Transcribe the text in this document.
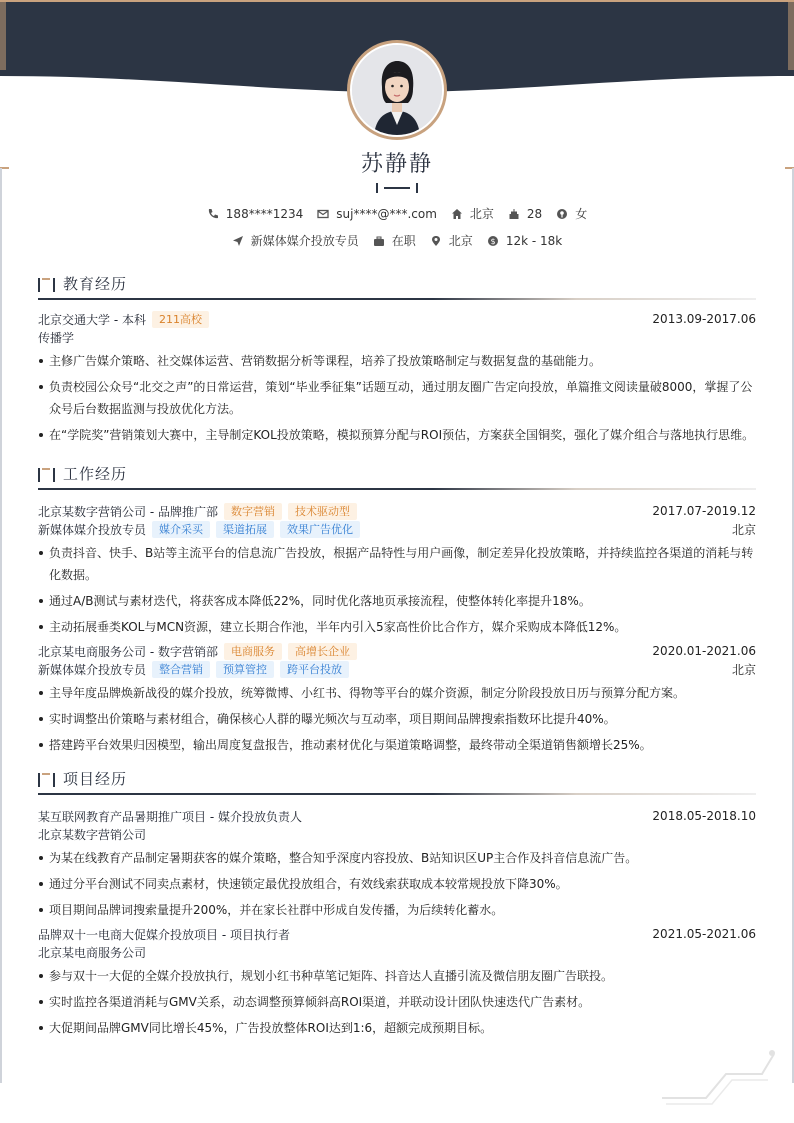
苏静静
188****1234	suj****@***.com	北京	28	女
新媒体媒介投放专员	在职	北京 $ 12k - 18k
教育经历
北京交通大学 - 本科	211高校	2013.09-2017.06
传播学
主修广告媒介策略、社交媒体运营、营销数据分析等课程，培养了投放策略制定与数据复盘的基础能力。
负责校园公众号“北交之声”的日常运营，策划“毕业季征集”话题互动，通过朋友圈广告定向投放，单篇推文阅读量破8000，掌握了公众号后台数据监测与投放优化方法。
在“学院奖”营销策划大赛中，主导制定KOL投放策略，模拟预算分配与ROI预估，方案获全国铜奖，强化了媒介组合与落地执行思维。
工作经历
北京某数字营销公司 - 品牌推广部	数字营销	技术驱动型	2017.07-2019.12
新媒体媒介投放专员	媒介采买	渠道拓展	效果广告优化	北京
负责抖音、快手、B站等主流平台的信息流广告投放，根据产品特性与用户画像，制定差异化投放策略，并持续监控各渠道的消耗与转化数据。
通过A/B测试与素材迭代，将获客成本降低22%，同时优化落地页承接流程，使整体转化率提升18%。
主动拓展垂类KOL与MCN资源，建立长期合作池，半年内引入5家高性价比合作方，媒介采购成本降低12%。
北京某电商服务公司 - 数字营销部	电商服务	高增长企业	2020.01-2021.06
新媒体媒介投放专员	整合营销	预算管控	跨平台投放	北京
主导年度品牌焕新战役的媒介投放，统筹微博、小红书、得物等平台的媒介资源，制定分阶段投放日历与预算分配方案。
实时调整出价策略与素材组合，确保核心人群的曝光频次与互动率，项目期间品牌搜索指数环比提升40%。
搭建跨平台效果归因模型，输出周度复盘报告，推动素材优化与渠道策略调整，最终带动全渠道销售额增长25%。
项目经历
某互联网教育产品暑期推广项目 - 媒介投放负责人	2018.05-2018.10
北京某数字营销公司
为某在线教育产品制定暑期获客的媒介策略，整合知乎深度内容投放、B站知识区UP主合作及抖音信息流广告。
通过分平台测试不同卖点素材，快速锁定最优投放组合，有效线索获取成本较常规投放下降30%。
项目期间品牌词搜索量提升200%，并在家长社群中形成自发传播，为后续转化蓄水。
品牌双十一电商大促媒介投放项目 - 项目执行者	2021.05-2021.06
北京某电商服务公司
参与双十一大促的全媒介投放执行，规划小红书种草笔记矩阵、抖音达人直播引流及微信朋友圈广告联投。
实时监控各渠道消耗与GMV关系，动态调整预算倾斜高ROI渠道，并联动设计团队快速迭代广告素材。
大促期间品牌GMV同比增长45%，广告投放整体ROI达到1:6，超额完成预期目标。
